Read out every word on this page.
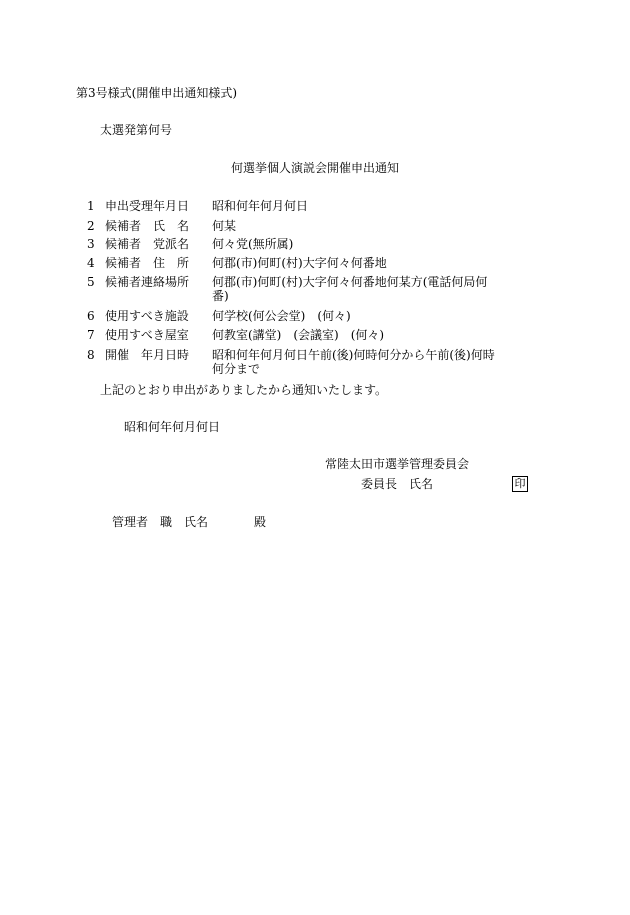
第3号様式(開催申出通知様式)
太選発第何号
何選挙個人演説会開催申出通知
1 申出受理年月日 昭和何年何月何日
2 候補者　氏　名 何某
3 候補者　党派名 何々党(無所属)
4 候補者　住　所 何郡(市)何町(村)大字何々何番地
5 候補者連絡場所 何郡(市)何町(村)大字何々何番地何某方(電話何局何番)
6 使用すべき施設 何学校(何公会堂)　(何々)
7 使用すべき屋室 何教室(講堂)　(会議室)　(何々)
8 開催　年月日時 昭和何年何月何日午前(後)何時何分から午前(後)何時何分まで
上記のとおり申出がありましたから通知いたします。
昭和何年何月何日
常陸太田市選挙管理委員会
委員長　氏名	印
管理者　職　氏名	殿
